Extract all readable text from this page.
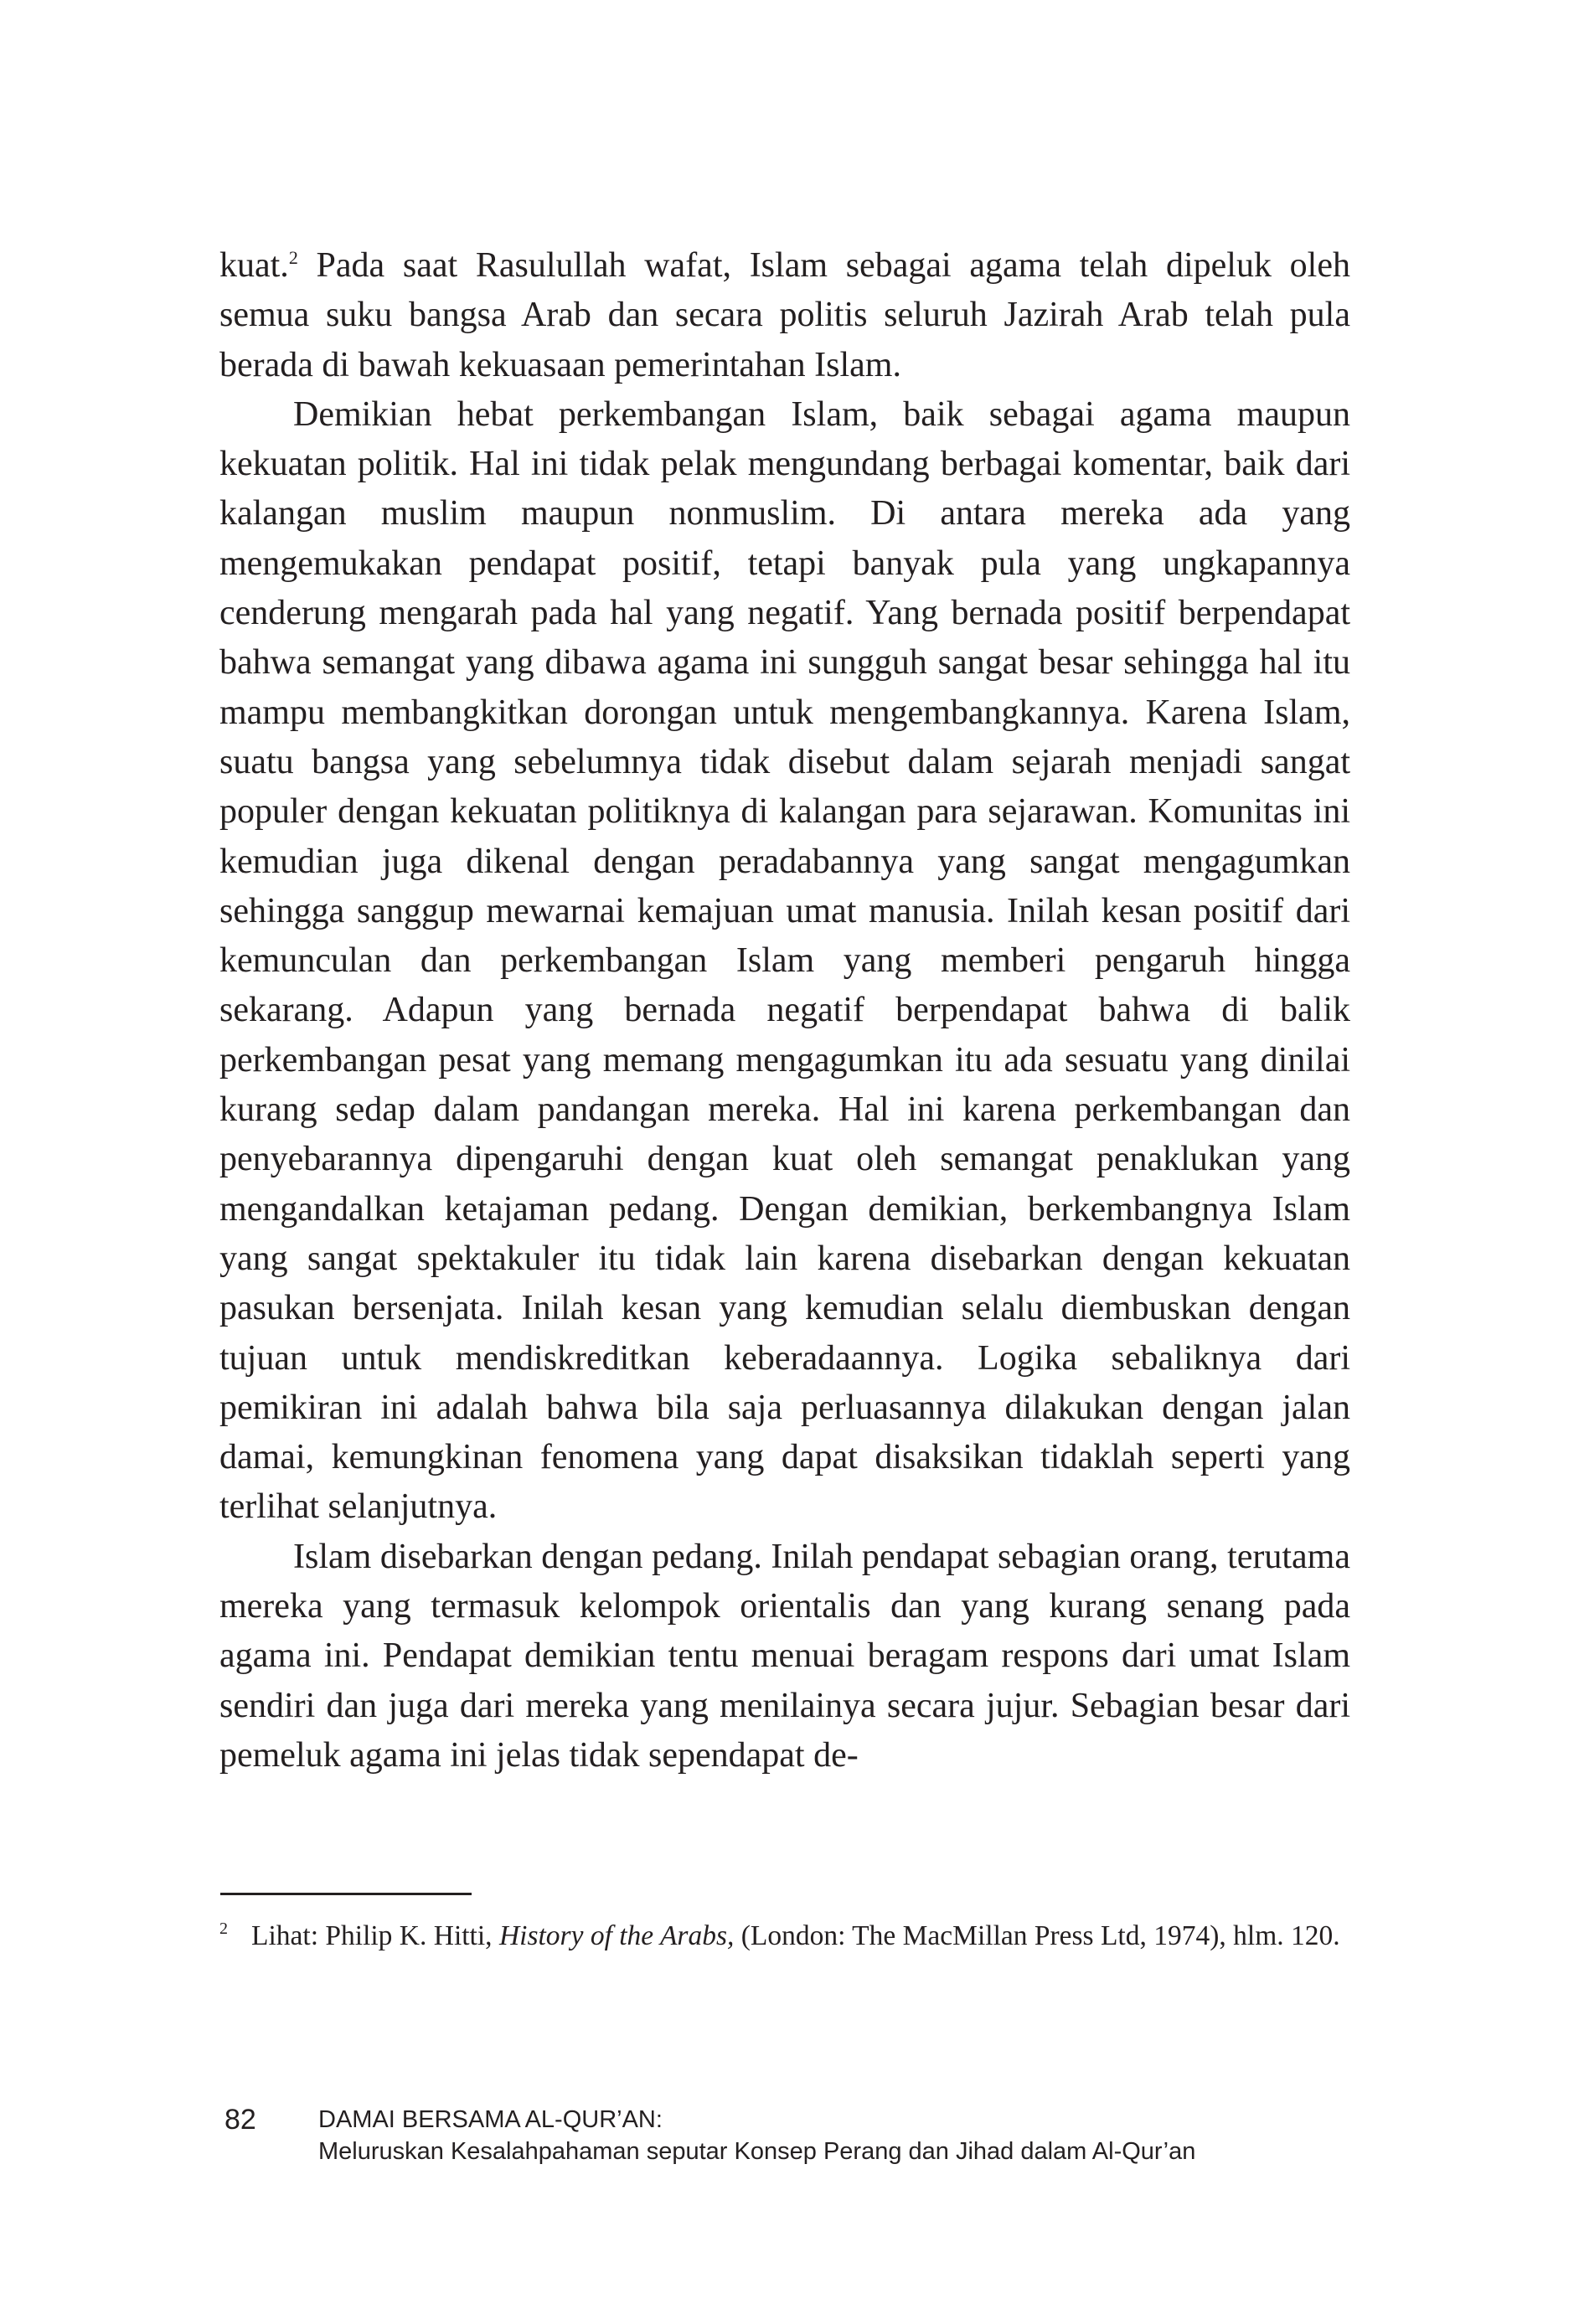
kuat.$^2$ Pada saat Rasulullah wafat, Islam sebagai agama telah dipeluk oleh semua suku bangsa Arab dan secara politis seluruh Jazirah Arab telah pula berada di bawah kekuasaan pemerintahan Islam.

Demikian hebat perkembangan Islam, baik sebagai agama maupun kekuatan politik. Hal ini tidak pelak mengundang berbagai komentar, baik dari kalangan muslim maupun nonmuslim. Di antara mereka ada yang mengemukakan pendapat positif, tetapi banyak pula yang ungkapannya cenderung mengarah pada hal yang negatif. Yang bernada positif berpendapat bahwa semangat yang dibawa agama ini sungguh sangat besar sehingga hal itu mampu membangkitkan dorongan untuk mengembangkannya. Karena Islam, suatu bangsa yang sebelumnya tidak disebut dalam sejarah menjadi sangat populer dengan kekuatan politiknya di kalangan para sejarawan. Komunitas ini kemudian juga dikenal dengan peradabannya yang sangat mengagumkan sehingga sanggup mewarnai kemajuan umat manusia. Inilah kesan positif dari kemunculan dan perkembangan Islam yang memberi pengaruh hingga sekarang. Adapun yang bernada negatif berpendapat bahwa di balik perkembangan pesat yang memang mengagumkan itu ada sesuatu yang dinilai kurang sedap dalam pandangan mereka. Hal ini karena perkembangan dan penyebarannya dipengaruhi dengan kuat oleh semangat penaklukan yang mengandalkan ketajaman pedang. Dengan demikian, berkembangnya Islam yang sangat spektakuler itu tidak lain karena disebarkan dengan kekuatan pasukan bersenjata. Inilah kesan yang kemudian selalu diembuskan dengan tujuan untuk mendiskreditkan keberadaannya. Logika sebaliknya dari pemikiran ini adalah bahwa bila saja perluasannya dilakukan dengan jalan damai, kemungkinan fenomena yang dapat disaksikan tidaklah seperti yang terlihat selanjutnya.

Islam disebarkan dengan pedang. Inilah pendapat sebagian orang, terutama mereka yang termasuk kelompok orientalis dan yang kurang senang pada agama ini. Pendapat demikian tentu menuai beragam respons dari umat Islam sendiri dan juga dari mereka yang menilainya secara jujur. Sebagian besar dari pemeluk agama ini jelas tidak sependapat de-

2 Lihat: Philip K. Hitti, History of the Arabs, (London: The MacMillan Press Ltd, 1974), hlm. 120.
82	DAMAI BERSAMA AL-QUR’AN:
Meluruskan Kesalahpahaman seputar Konsep Perang dan Jihad dalam Al-Qur’an
